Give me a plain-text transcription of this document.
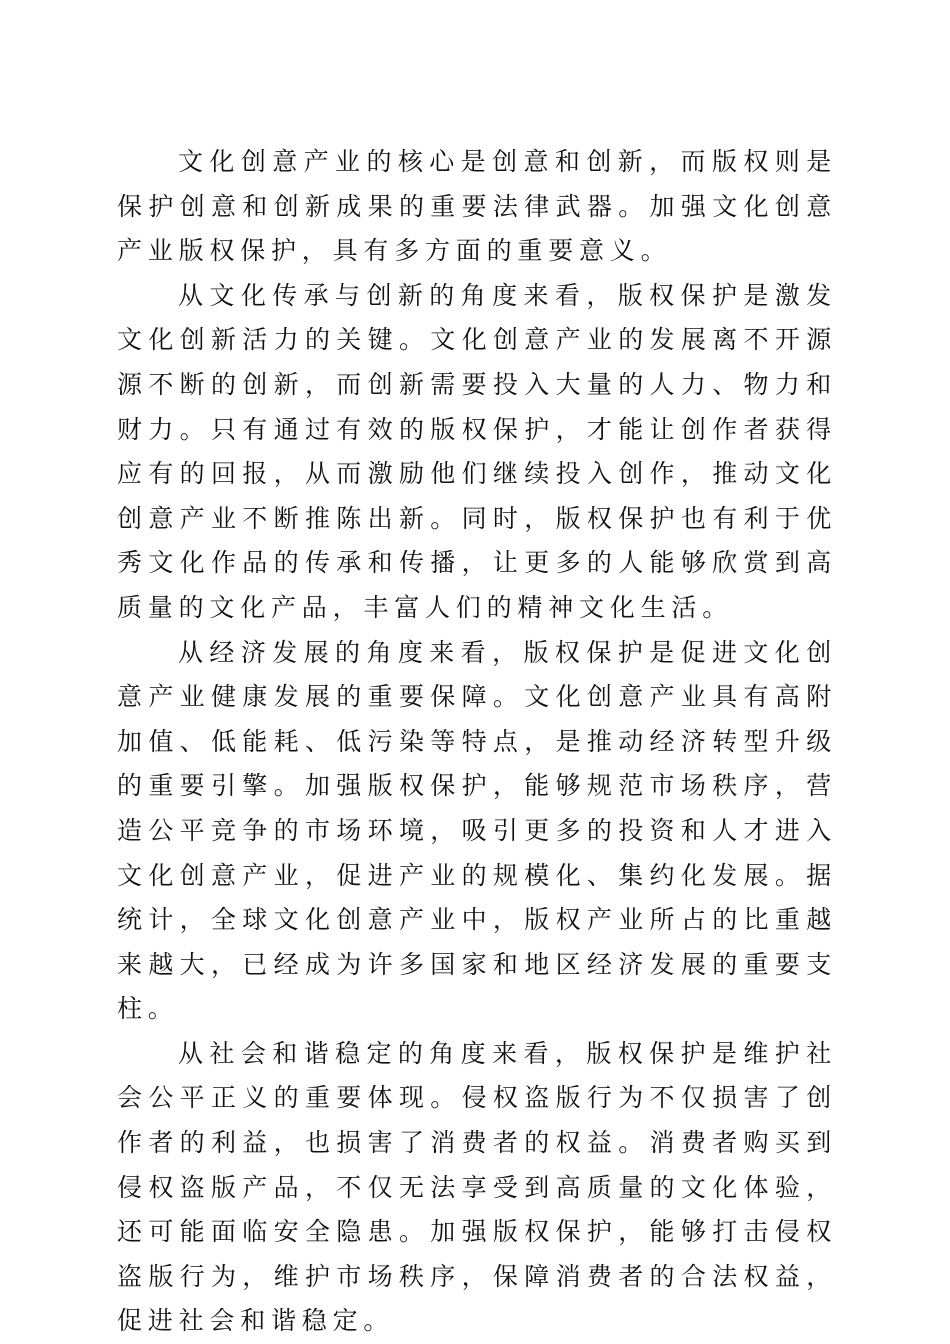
文化创意产业的核心是创意和创新，而版权则是保护创意和创新成果的重要法律武器。加强文化创意产业版权保护，具有多方面的重要意义。

从文化传承与创新的角度来看，版权保护是激发文化创新活力的关键。文化创意产业的发展离不开源源不断的创新，而创新需要投入大量的人力、物力和财力。只有通过有效的版权保护，才能让创作者获得应有的回报，从而激励他们继续投入创作，推动文化创意产业不断推陈出新。同时，版权保护也有利于优秀文化作品的传承和传播，让更多的人能够欣赏到高质量的文化产品，丰富人们的精神文化生活。

从经济发展的角度来看，版权保护是促进文化创意产业健康发展的重要保障。文化创意产业具有高附加值、低能耗、低污染等特点，是推动经济转型升级的重要引擎。加强版权保护，能够规范市场秩序，营造公平竞争的市场环境，吸引更多的投资和人才进入文化创意产业，促进产业的规模化、集约化发展。据统计，全球文化创意产业中，版权产业所占的比重越来越大，已经成为许多国家和地区经济发展的重要支柱。

从社会和谐稳定的角度来看，版权保护是维护社会公平正义的重要体现。侵权盗版行为不仅损害了创作者的利益，也损害了消费者的权益。消费者购买到侵权盗版产品，不仅无法享受到高质量的文化体验，还可能面临安全隐患。加强版权保护，能够打击侵权盗版行为，维护市场秩序，保障消费者的合法权益，促进社会和谐稳定。
